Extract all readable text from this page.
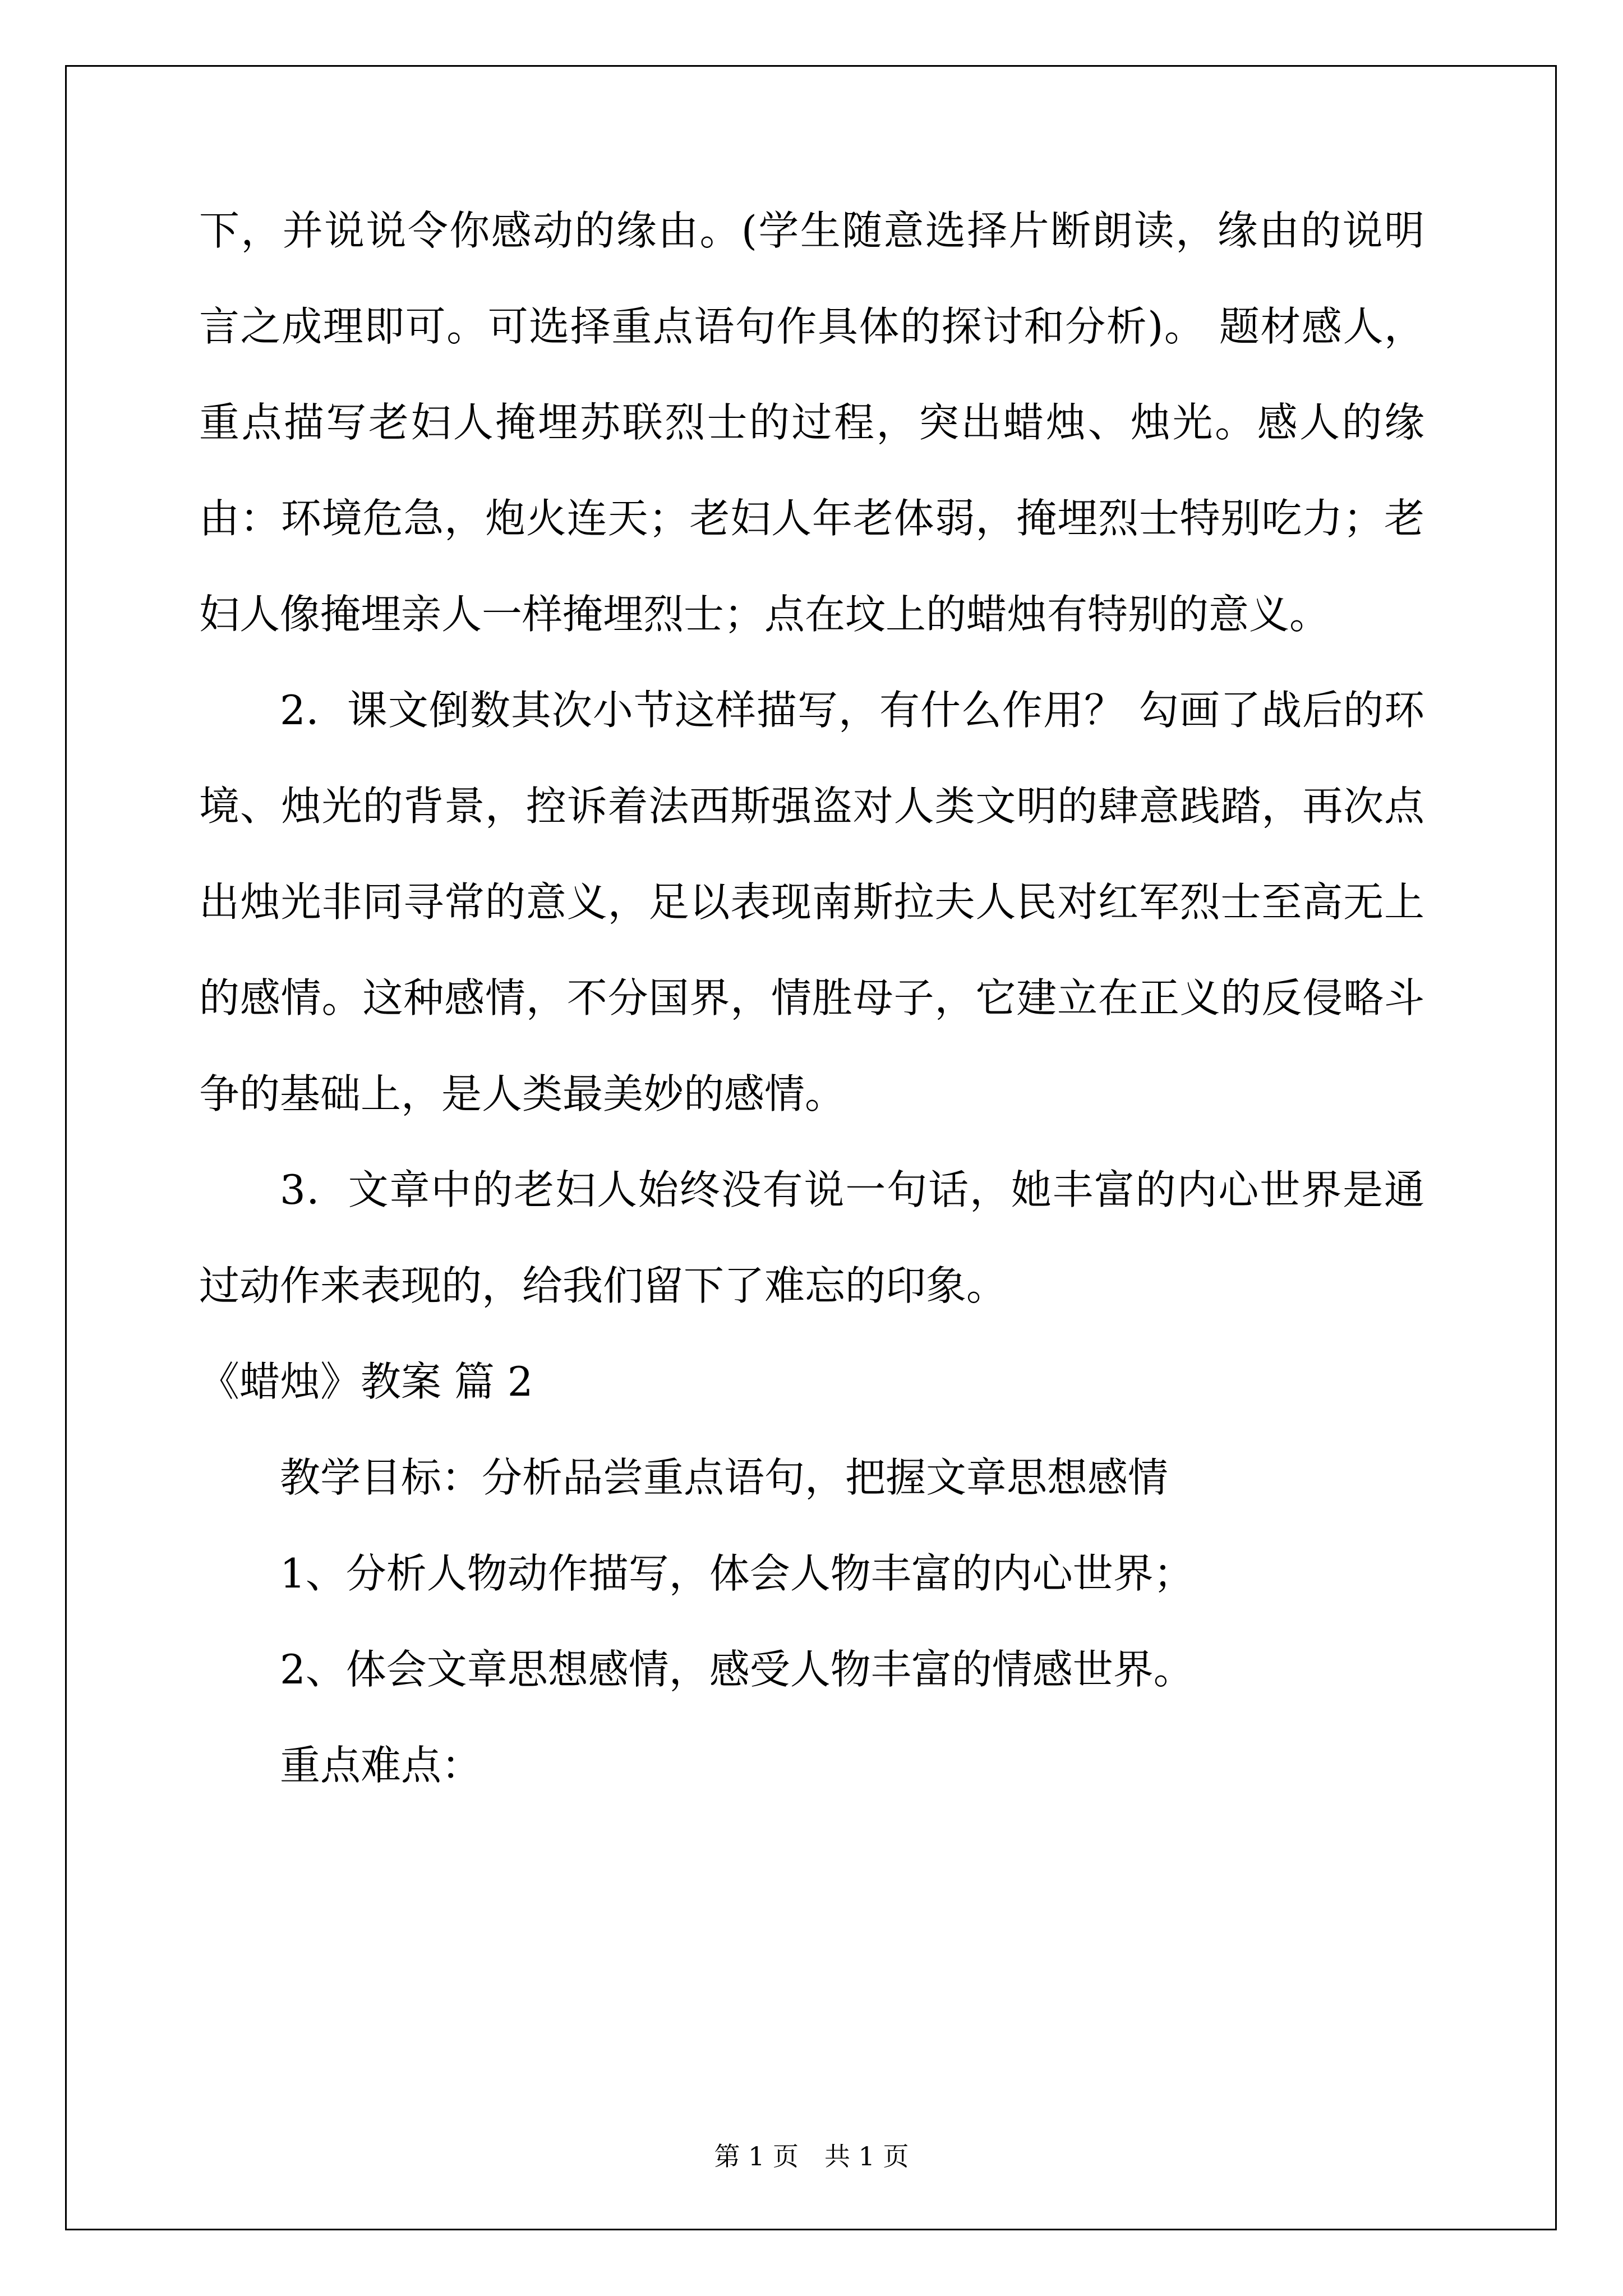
下，并说说令你感动的缘由。(学生随意选择片断朗读，缘由的说明言之成理即可。可选择重点语句作具体的探讨和分析)。 题材感人，重点描写老妇人掩埋苏联烈士的过程，突出蜡烛、烛光。感人的缘由：环境危急，炮火连天；老妇人年老体弱，掩埋烈士特别吃力；老妇人像掩埋亲人一样掩埋烈士；点在坟上的蜡烛有特别的意义。

2．课文倒数其次小节这样描写，有什么作用？ 勾画了战后的环境、烛光的背景，控诉着法西斯强盗对人类文明的肆意践踏，再次点出烛光非同寻常的意义，足以表现南斯拉夫人民对红军烈士至高无上的感情。这种感情，不分国界，情胜母子，它建立在正义的反侵略斗争的基础上，是人类最美妙的感情。

3．文章中的老妇人始终没有说一句话，她丰富的内心世界是通过动作来表现的，给我们留下了难忘的印象。

《蜡烛》教案 篇 2

教学目标：分析品尝重点语句，把握文章思想感情

1、分析人物动作描写，体会人物丰富的内心世界；

2、体会文章思想感情，感受人物丰富的情感世界。

重点难点：

第 1 页　共 1 页
